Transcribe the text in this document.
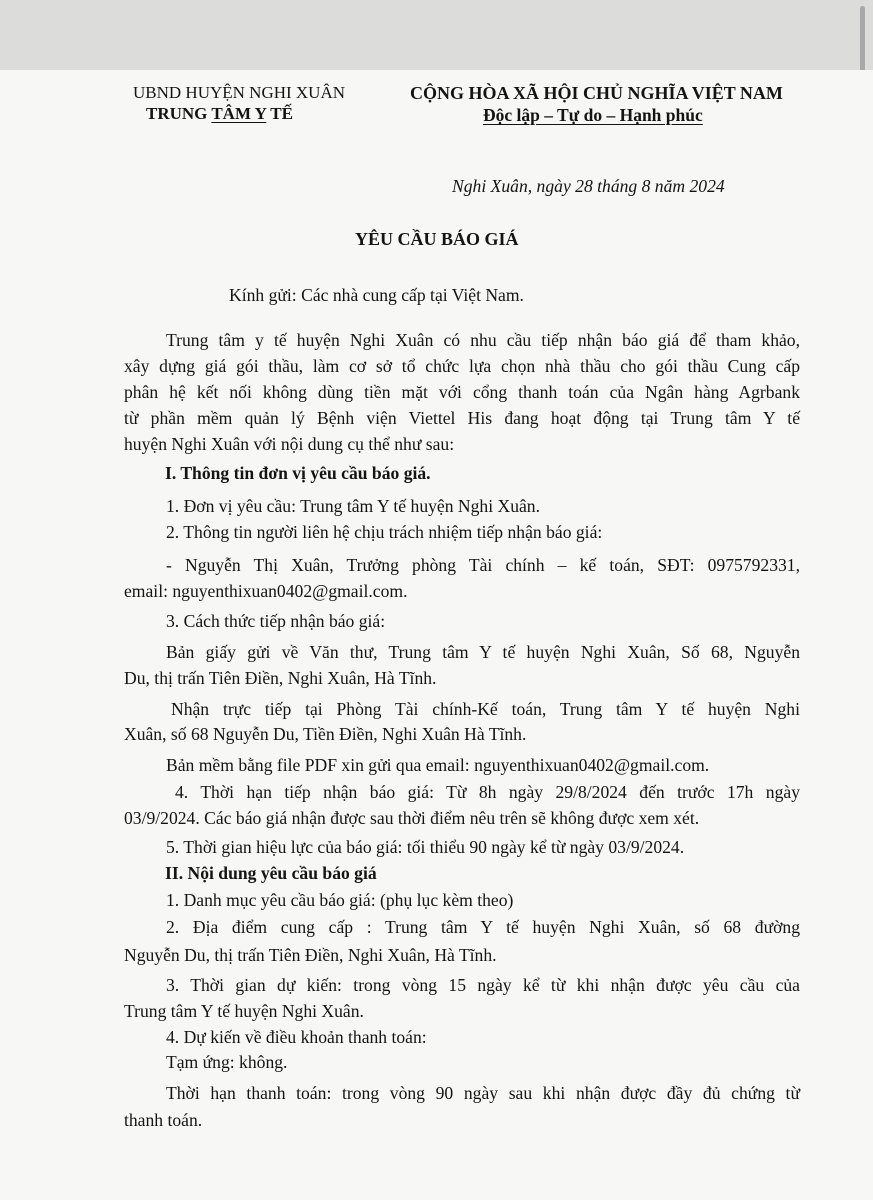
UBND HUYỆN NGHI XUÂN
TRUNG TÂM Y TẾ
CỘNG HÒA XÃ HỘI CHỦ NGHĨA VIỆT NAM
Độc lập – Tự do – Hạnh phúc
Nghi Xuân, ngày 28 tháng 8 năm 2024
YÊU CẦU BÁO GIÁ
Kính gửi: Các nhà cung cấp tại Việt Nam.
Trung tâm y tế huyện Nghi Xuân có nhu cầu tiếp nhận báo giá để tham khảo,
xây dựng giá gói thầu, làm cơ sở tổ chức lựa chọn nhà thầu cho gói thầu Cung cấp
phân hệ kết nối không dùng tiền mặt với cổng thanh toán của Ngân hàng Agrbank
từ phần mềm quản lý Bệnh viện Viettel His đang hoạt động tại Trung tâm Y tế
huyện Nghi Xuân với nội dung cụ thể như sau:
I. Thông tin đơn vị yêu cầu báo giá.
1. Đơn vị yêu cầu: Trung tâm Y tế huyện Nghi Xuân.
2. Thông tin người liên hệ chịu trách nhiệm tiếp nhận báo giá:
- Nguyễn Thị Xuân, Trưởng phòng Tài chính – kế toán, SĐT: 0975792331,
email: nguyenthixuan0402@gmail.com.
3. Cách thức tiếp nhận báo giá:
Bản giấy gửi về Văn thư, Trung tâm Y tế huyện Nghi Xuân, Số 68, Nguyễn
Du, thị trấn Tiên Điền, Nghi Xuân, Hà Tĩnh.
Nhận trực tiếp tại Phòng Tài chính-Kế toán, Trung tâm Y tế huyện Nghi
Xuân, số 68 Nguyễn Du, Tiền Điền, Nghi Xuân Hà Tĩnh.
Bản mềm bằng file PDF xin gửi qua email: nguyenthixuan0402@gmail.com.
4. Thời hạn tiếp nhận báo giá: Từ 8h ngày 29/8/2024 đến trước 17h ngày
03/9/2024. Các báo giá nhận được sau thời điểm nêu trên sẽ không được xem xét.
5. Thời gian hiệu lực của báo giá: tối thiểu 90 ngày kể từ ngày 03/9/2024.
II. Nội dung yêu cầu báo giá
1. Danh mục yêu cầu báo giá: (phụ lục kèm theo)
2. Địa điểm cung cấp : Trung tâm Y tế huyện Nghi Xuân, số 68 đường
Nguyễn Du, thị trấn Tiên Điền, Nghi Xuân, Hà Tĩnh.
3. Thời gian dự kiến: trong vòng 15 ngày kể từ khi nhận được yêu cầu của
Trung tâm Y tế huyện Nghi Xuân.
4. Dự kiến về điều khoản thanh toán:
Tạm ứng: không.
Thời hạn thanh toán: trong vòng 90 ngày sau khi nhận được đầy đủ chứng từ
thanh toán.
